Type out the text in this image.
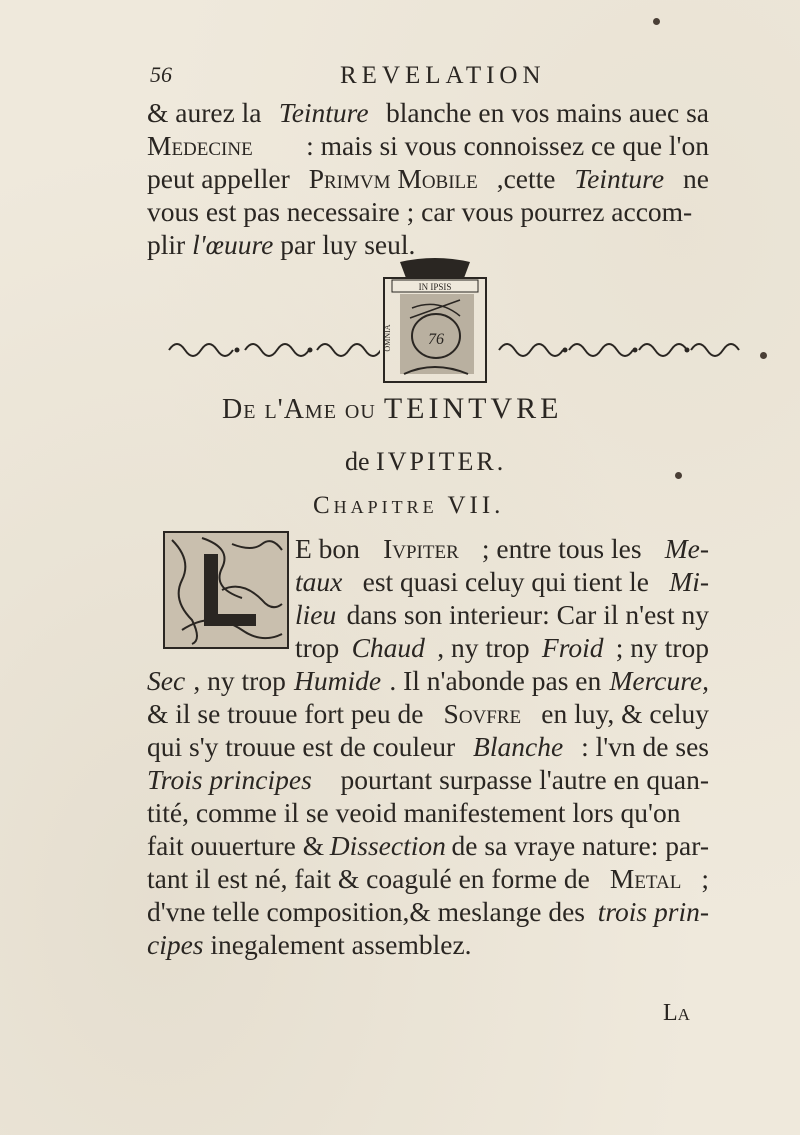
56	REVELATION
& aurez la Teinture blanche en vos mains auec sa
Medecine : mais si vous connoissez ce que l'on
peut appeller Primvm Mobile ,cette Teinture ne
vous est pas necessaire ; car vous pourrez accom-
plir l'œuure par luy seul.
IN IPSIS
OMNIA 76
De l'Ame ou TEINTVRE
de IVPITER.
Chapitre VII.
E bon Ivpiter ; entre tous les Me-
taux est quasi celuy qui tient le Mi-
lieu dans son interieur: Car il n'est ny
trop Chaud , ny trop Froid ; ny trop
Sec , ny trop Humide . Il n'abonde pas en Mercure,
& il se trouue fort peu de Sovfre en luy, & celuy
qui s'y trouue est de couleur Blanche : l'vn de ses
Trois principes pourtant surpasse l'autre en quan-
tité, comme il se veoid manifestement lors qu'on
fait ouuerture & Dissection de sa vraye nature: par-
tant il est né, fait & coagulé en forme de Metal ;
d'vne telle composition,& meslange des trois prin-
cipes inegalement assemblez.
La
